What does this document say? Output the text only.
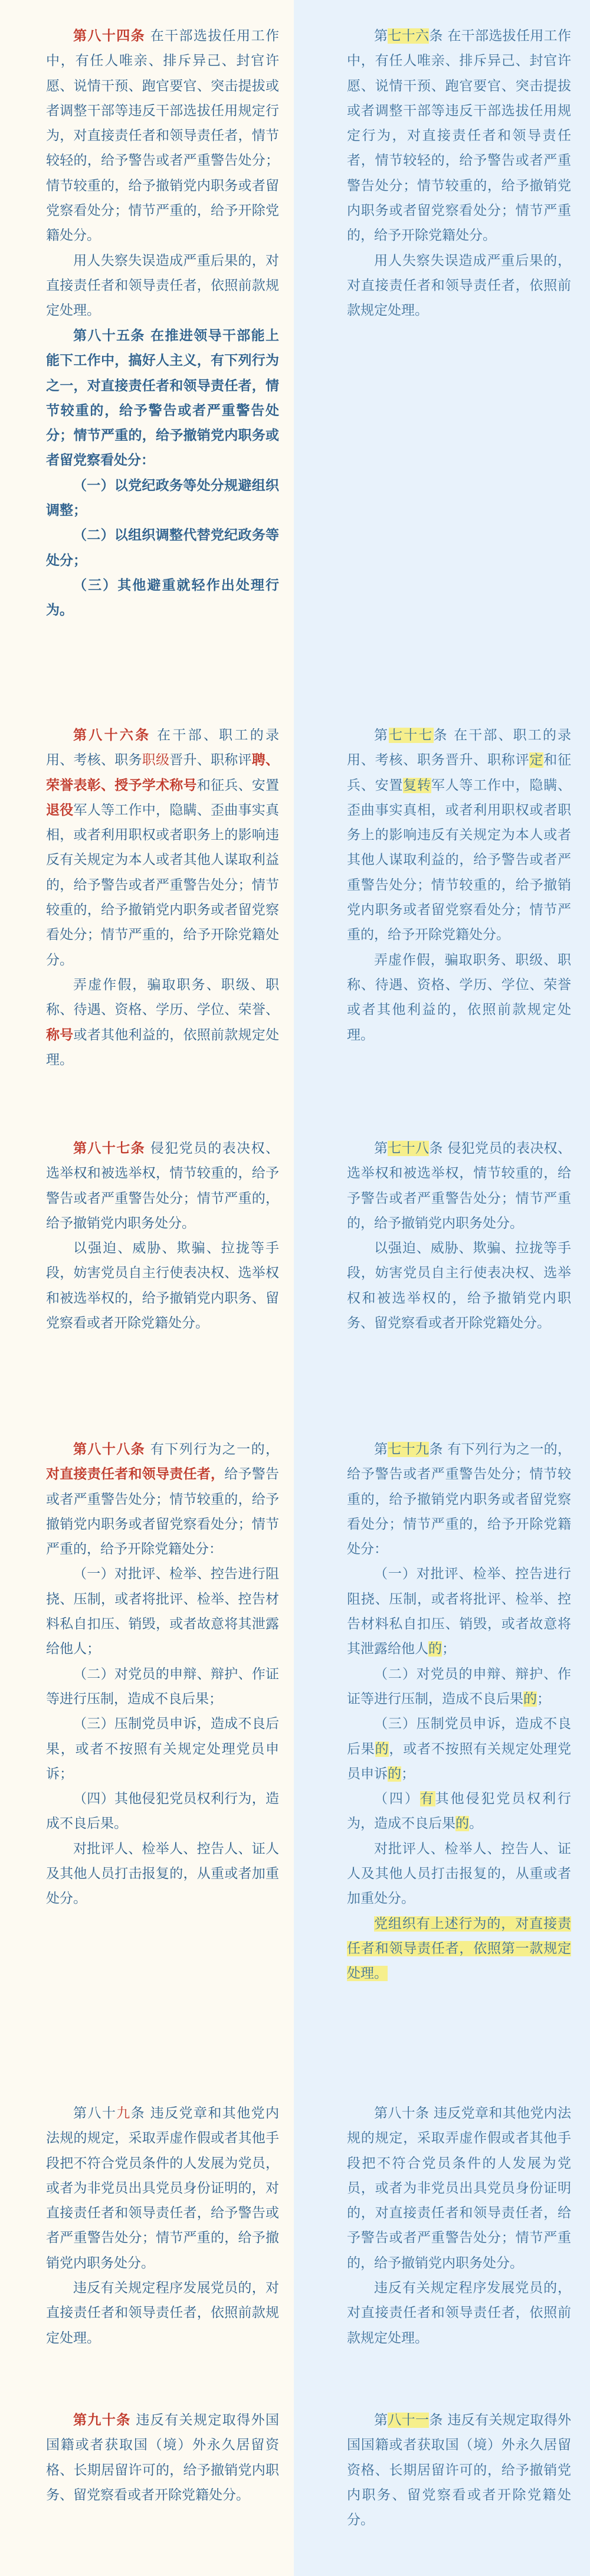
第八十四条 在干部选拔任用工作中，有任人唯亲、排斥异己、封官许愿、说情干预、跑官要官、突击提拔或者调整干部等违反干部选拔任用规定行为，对直接责任者和领导责任者，情节较轻的，给予警告或者严重警告处分；情节较重的，给予撤销党内职务或者留党察看处分；情节严重的，给予开除党籍处分。

用人失察失误造成严重后果的，对直接责任者和领导责任者，依照前款规定处理。

第八十五条 在推进领导干部能上能下工作中，搞好人主义，有下列行为之一，对直接责任者和领导责任者，情节较重的，给予警告或者严重警告处分；情节严重的，给予撤销党内职务或者留党察看处分：

（一）以党纪政务等处分规避组织调整；

（二）以组织调整代替党纪政务等处分；

（三）其他避重就轻作出处理行为。

第八十六条 在干部、职工的录用、考核、职务职级晋升、职称评聘、荣誉表彰、授予学术称号和征兵、安置退役军人等工作中，隐瞒、歪曲事实真相，或者利用职权或者职务上的影响违反有关规定为本人或者其他人谋取利益的，给予警告或者严重警告处分；情节较重的，给予撤销党内职务或者留党察看处分；情节严重的，给予开除党籍处分。

弄虚作假，骗取职务、职级、职称、待遇、资格、学历、学位、荣誉、称号或者其他利益的，依照前款规定处理。

第八十七条 侵犯党员的表决权、选举权和被选举权，情节较重的，给予警告或者严重警告处分；情节严重的，给予撤销党内职务处分。

以强迫、威胁、欺骗、拉拢等手段，妨害党员自主行使表决权、选举权和被选举权的，给予撤销党内职务、留党察看或者开除党籍处分。

第八十八条 有下列行为之一的，对直接责任者和领导责任者，给予警告或者严重警告处分；情节较重的，给予撤销党内职务或者留党察看处分；情节严重的，给予开除党籍处分：

（一）对批评、检举、控告进行阻挠、压制，或者将批评、检举、控告材料私自扣压、销毁，或者故意将其泄露给他人；

（二）对党员的申辩、辩护、作证等进行压制，造成不良后果；

（三）压制党员申诉，造成不良后果，或者不按照有关规定处理党员申诉；

（四）其他侵犯党员权利行为，造成不良后果。

对批评人、检举人、控告人、证人及其他人员打击报复的，从重或者加重处分。

第八十九条 违反党章和其他党内法规的规定，采取弄虚作假或者其他手段把不符合党员条件的人发展为党员，或者为非党员出具党员身份证明的，对直接责任者和领导责任者，给予警告或者严重警告处分；情节严重的，给予撤销党内职务处分。

违反有关规定程序发展党员的，对直接责任者和领导责任者，依照前款规定处理。

第九十条 违反有关规定取得外国国籍或者获取国（境）外永久居留资格、长期居留许可的，给予撤销党内职务、留党察看或者开除党籍处分。

第七十六条 在干部选拔任用工作中，有任人唯亲、排斥异己、封官许愿、说情干预、跑官要官、突击提拔或者调整干部等违反干部选拔任用规定行为，对直接责任者和领导责任者，情节较轻的，给予警告或者严重警告处分；情节较重的，给予撤销党内职务或者留党察看处分；情节严重的，给予开除党籍处分。

用人失察失误造成严重后果的，对直接责任者和领导责任者，依照前款规定处理。

第七十七条 在干部、职工的录用、考核、职务晋升、职称评定和征兵、安置复转军人等工作中，隐瞒、歪曲事实真相，或者利用职权或者职务上的影响违反有关规定为本人或者其他人谋取利益的，给予警告或者严重警告处分；情节较重的，给予撤销党内职务或者留党察看处分；情节严重的，给予开除党籍处分。

弄虚作假，骗取职务、职级、职称、待遇、资格、学历、学位、荣誉或者其他利益的，依照前款规定处理。

第七十八条 侵犯党员的表决权、选举权和被选举权，情节较重的，给予警告或者严重警告处分；情节严重的，给予撤销党内职务处分。

以强迫、威胁、欺骗、拉拢等手段，妨害党员自主行使表决权、选举权和被选举权的，给予撤销党内职务、留党察看或者开除党籍处分。

第七十九条 有下列行为之一的，给予警告或者严重警告处分；情节较重的，给予撤销党内职务或者留党察看处分；情节严重的，给予开除党籍处分：

（一）对批评、检举、控告进行阻挠、压制，或者将批评、检举、控告材料私自扣压、销毁，或者故意将其泄露给他人的；

（二）对党员的申辩、辩护、作证等进行压制，造成不良后果的；

（三）压制党员申诉，造成不良后果的，或者不按照有关规定处理党员申诉的；

（四）有其他侵犯党员权利行为，造成不良后果的。

对批评人、检举人、控告人、证人及其他人员打击报复的，从重或者加重处分。

党组织有上述行为的，对直接责任者和领导责任者，依照第一款规定处理。

第八十条 违反党章和其他党内法规的规定，采取弄虚作假或者其他手段把不符合党员条件的人发展为党员，或者为非党员出具党员身份证明的，对直接责任者和领导责任者，给予警告或者严重警告处分；情节严重的，给予撤销党内职务处分。

违反有关规定程序发展党员的，对直接责任者和领导责任者，依照前款规定处理。

第八十一条 违反有关规定取得外国国籍或者获取国（境）外永久居留资格、长期居留许可的，给予撤销党内职务、留党察看或者开除党籍处分。
